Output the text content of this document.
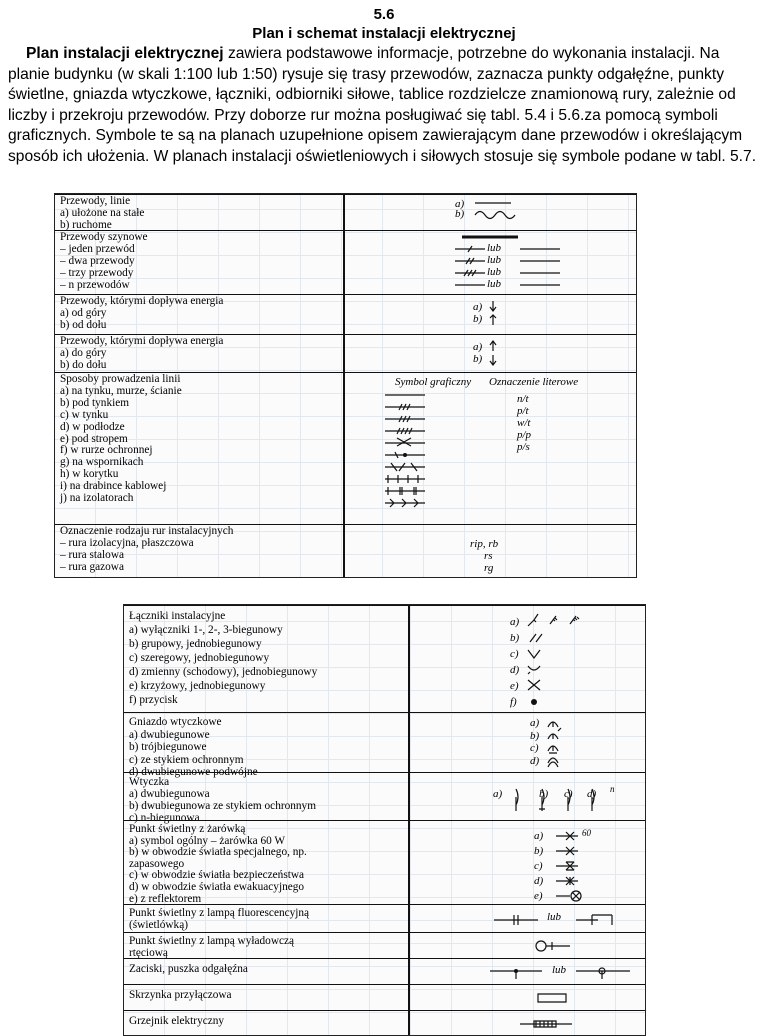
5.6
Plan i schemat instalacji elektrycznej
Plan instalacji elektrycznej zawiera podstawowe informacje, potrzebne do wykonania instalacji. Na planie budynku (w skali 1:100 lub 1:50) rysuje się trasy przewodów, zaznacza punkty odgałęźne, punkty świetlne, gniazda wtyczkowe, łączniki, odbiorniki siłowe, tablice rozdzielcze znamionową rury, zależnie od liczby i przekroju przewodów. Przy doborze rur można posługiwać się tabl. 5.4 i 5.6.za pomocą symboli graficznych. Symbole te są na planach uzupełnione opisem zawierającym dane przewodów i określającym sposób ich ułożenia. W planach instalacji oświetleniowych i siłowych stosuje się symbole podane w tabl. 5.7.
Przewody, linie
a) ułożone na stałe
b) ruchome
a)
b)
Przewody szynowe
– jeden przewód
– dwa przewody
– trzy przewody
– n przewodów
lub
lub
lub
lub
Przewody, którymi dopływa energia
a) od góry
b) od dołu
a)
b)
Przewody, którymi dopływa energia
a) do góry
b) do dołu
a)
b)
Sposoby prowadzenia linii
a) na tynku, murze, ścianie
b) pod tynkiem
c) w tynku
d) w podłodze
e) pod stropem
f) w rurze ochronnej
g) na wspornikach
h) w korytku
i) na drabince kablowej
j) na izolatorach
Symbol graficzny Oznaczenie literowe
n/t
p/t
w/t
p/p
p/s
Oznaczenie rodzaju rur instalacyjnych
– rura izolacyjna, płaszczowa
– rura stalowa
– rura gazowa
rip, rb
rs
rg
Łączniki instalacyjne
a) wyłączniki 1-, 2-, 3-biegunowy
b) grupowy, jednobiegunowy
c) szeregowy, jednobiegunowy
d) zmienny (schodowy), jednobiegunowy
e) krzyżowy, jednobiegunowy
f) przycisk
a)
b)
c)
d)
e)
f)
Gniazdo wtyczkowe
a) dwubiegunowe
b) trójbiegunowe
c) ze stykiem ochronnym
d) dwubiegunowe podwójne
a)
b)
c)
d)
Wtyczka
a) dwubiegunowa
b) dwubiegunowa ze stykiem ochronnym
c) n-biegunowa
a)	b) c) d) n
Punkt świetlny z żarówką
a) symbol ogólny – żarówka 60 W
b) w obwodzie światła specjalnego, np.
zapasowego
c) w obwodzie światła bezpieczeństwa
d) w obwodzie światła ewakuacyjnego
e) z reflektorem
a)
b)
c)
d)
e)
60
Punkt świetlny z lampą fluorescencyjną
(świetlówką)
lub
Punkt świetlny z lampą wyładowczą
rtęciową
Zaciski, puszka odgałęźna	lub
Skrzynka przyłączowa
Grzejnik elektryczny
